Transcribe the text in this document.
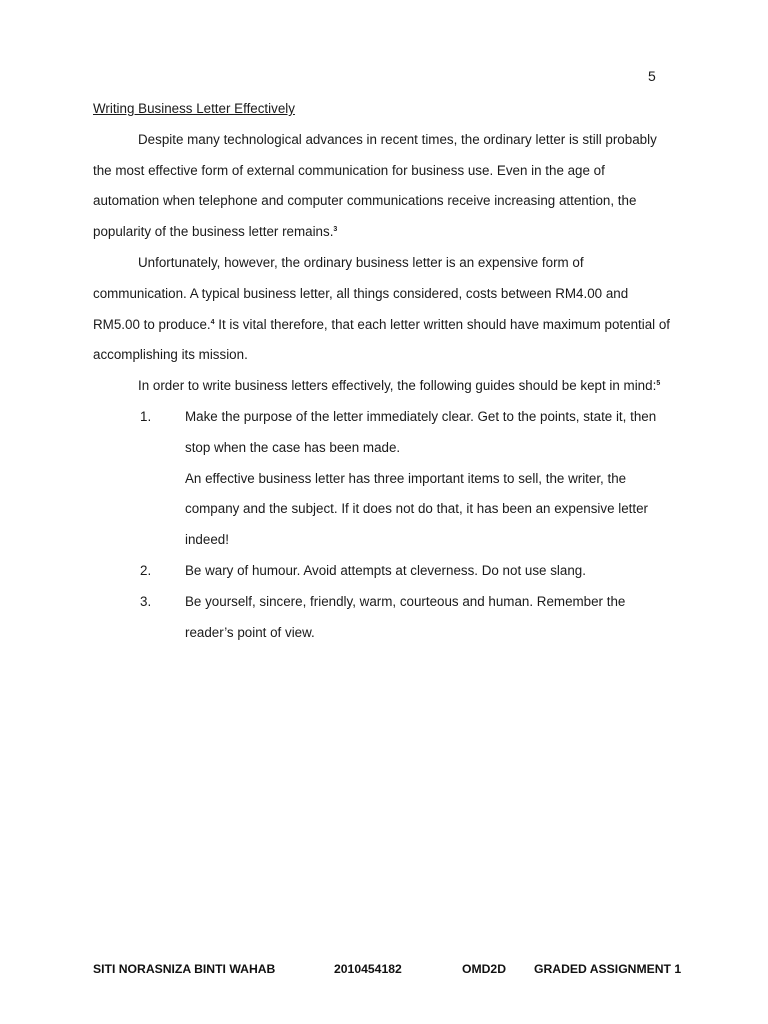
5

Writing Business Letter Effectively

Despite many technological advances in recent times, the ordinary letter is still probably the most effective form of external communication for business use. Even in the age of automation when telephone and computer communications receive increasing attention, the popularity of the business letter remains.$^3$

Unfortunately, however, the ordinary business letter is an expensive form of communication. A typical business letter, all things considered, costs between RM4.00 and RM5.00 to produce.$^4$ It is vital therefore, that each letter written should have maximum potential of accomplishing its mission.

In order to write business letters effectively, the following guides should be kept in mind:$^5$

1.	Make the purpose of the letter immediately clear. Get to the points, state it, then stop when the case has been made.

An effective business letter has three important items to sell, the writer, the company and the subject. If it does not do that, it has been an expensive letter indeed!

2.	Be wary of humour. Avoid attempts at cleverness. Do not use slang.

3.	Be yourself, sincere, friendly, warm, courteous and human. Remember the reader’s point of view.

SITI NORASNIZA BINTI WAHAB	2010454182	OMD2D GRADED ASSIGNMENT 1
